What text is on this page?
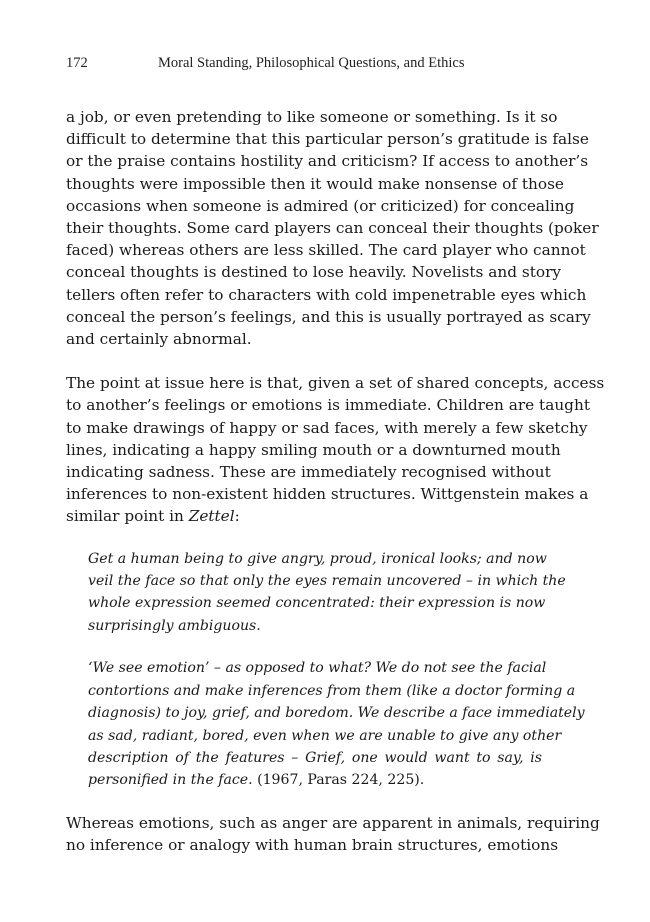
172	Moral Standing, Philosophical Questions, and Ethics

a job, or even pretending to like someone or something. Is it so
difficult to determine that this particular person’s gratitude is false
or the praise contains hostility and criticism? If access to another’s
thoughts were impossible then it would make nonsense of those
occasions when someone is admired (or criticized) for concealing
their thoughts. Some card players can conceal their thoughts (poker
faced) whereas others are less skilled. The card player who cannot
conceal thoughts is destined to lose heavily. Novelists and story
tellers often refer to characters with cold impenetrable eyes which
conceal the person’s feelings, and this is usually portrayed as scary
and certainly abnormal.

The point at issue here is that, given a set of shared concepts, access
to another’s feelings or emotions is immediate. Children are taught
to make drawings of happy or sad faces, with merely a few sketchy
lines, indicating a happy smiling mouth or a downturned mouth
indicating sadness. These are immediately recognised without
inferences to non-existent hidden structures. Wittgenstein makes a
similar point in Zettel:

Get a human being to give angry, proud, ironical looks; and now
veil the face so that only the eyes remain uncovered – in which the
whole expression seemed concentrated: their expression is now
surprisingly ambiguous.
‘We see emotion’ – as opposed to what? We do not see the facial
contortions and make inferences from them (like a doctor forming a
diagnosis) to joy, grief, and boredom. We describe a face immediately
as sad, radiant, bored, even when we are unable to give any other
description of the features – Grief, one would want to say, is
personified in the face. (1967, Paras 224, 225).

Whereas emotions, such as anger are apparent in animals, requiring
no inference or analogy with human brain structures, emotions
